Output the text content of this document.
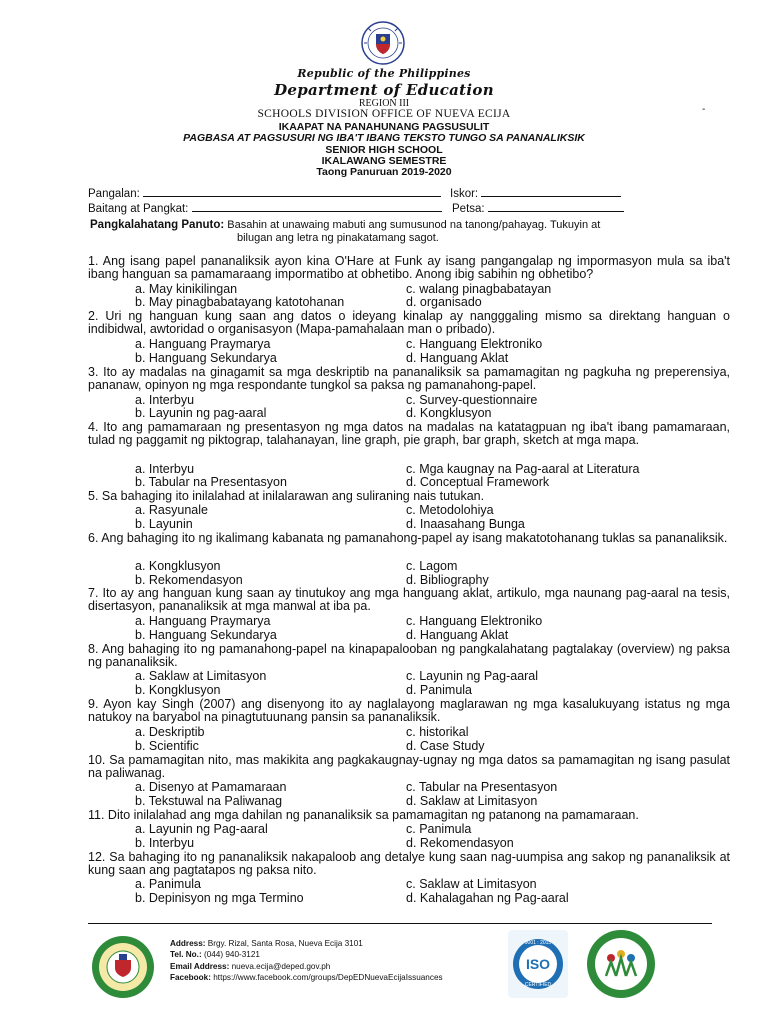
Republic of the Philippines
Department of Education
REGION III
SCHOOLS DIVISION OFFICE OF NUEVA ECIJA	-
IKAAPAT NA PANAHUNANG PAGSUSULIT
PAGBASA AT PAGSUSURI NG IBA'T IBANG TEKSTO TUNGO SA PANANALIKSIK
SENIOR HIGH SCHOOL
IKALAWANG SEMESTRE
Taong Panuruan 2019-2020
Pangalan:	Iskor:
Baitang at Pangkat:	Petsa:
Pangkalahatang Panuto: Basahin at unawaing mabuti ang sumusunod na tanong/pahayag. Tukuyin at
bilugan ang letra ng pinakatamang sagot.
1. Ang isang papel pananaliksik ayon kina O'Hare at Funk ay isang pangangalap ng impormasyon mula sa iba't ibang hanguan sa pamamaraang impormatibo at obhetibo. Anong ibig sabihin ng obhetibo?
a. May kinikilingan	c. walang pinagbabatayan
b. May pinagbabatayang katotohanan	d. organisado
2. Uri ng hanguan kung saan ang datos o ideyang kinalap ay nangggaling mismo sa direktang hanguan o indibidwal, awtoridad o organisasyon (Mapa-pamahalaan man o pribado).
a. Hanguang Praymarya	c. Hanguang Elektroniko
b. Hanguang Sekundarya	d. Hanguang Aklat
3. Ito ay madalas na ginagamit sa mga deskriptib na pananaliksik sa pamamagitan ng pagkuha ng preperensiya, pananaw, opinyon ng mga respondante tungkol sa paksa ng pamanahong-papel.
a. Interbyu	c. Survey-questionnaire
b. Layunin ng pag-aaral	d. Kongklusyon
4. Ito ang pamamaraan ng presentasyon ng mga datos na madalas na katatagpuan ng iba't ibang pamamaraan, tulad ng paggamit ng piktograp, talahanayan, line graph, pie graph, bar graph, sketch at mga mapa.
a. Interbyu	c. Mga kaugnay na Pag-aaral at Literatura
b. Tabular na Presentasyon	d. Conceptual Framework
5. Sa bahaging ito inilalahad at inilalarawan ang suliraning nais tutukan.
a. Rasyunale	c. Metodolohiya
b. Layunin	d. Inaasahang Bunga
6. Ang bahaging ito ng ikalimang kabanata ng pamanahong-papel ay isang makatotohanang tuklas sa pananaliksik.
a. Kongklusyon	c. Lagom
b. Rekomendasyon	d. Bibliography
7. Ito ay ang hanguan kung saan ay tinutukoy ang mga hanguang aklat, artikulo, mga naunang pag-aaral na tesis, disertasyon, pananaliksik at mga manwal at iba pa.
a. Hanguang Praymarya	c. Hanguang Elektroniko
b. Hanguang Sekundarya	d. Hanguang Aklat
8. Ang bahaging ito ng pamanahong-papel na kinapapalooban ng pangkalahatang pagtalakay (overview) ng paksa ng pananaliksik.
a. Saklaw at Limitasyon	c. Layunin ng Pag-aaral
b. Kongklusyon	d. Panimula
9. Ayon kay Singh (2007) ang disenyong ito ay naglalayong maglarawan ng mga kasalukuyang istatus ng mga natukoy na baryabol na pinagtutuunang pansin sa pananaliksik.
a. Deskriptib	c. historikal
b. Scientific	d. Case Study
10. Sa pamamagitan nito, mas makikita ang pagkakaugnay-ugnay ng mga datos sa pamamagitan ng isang pasulat na paliwanag.
a. Disenyo at Pamamaraan	c. Tabular na Presentasyon
b. Tekstuwal na Paliwanag	d. Saklaw at Limitasyon
11. Dito inilalahad ang mga dahilan ng pananaliksik sa pamamagitan ng patanong na pamamaraan.
a. Layunin ng Pag-aaral	c. Panimula
b. Interbyu	d. Rekomendasyon
12. Sa bahaging ito ng pananaliksik nakapaloob ang detalye kung saan nag-uumpisa ang sakop ng pananaliksik at kung saan ang pagtatapos ng paksa nito.
a. Panimula	c. Saklaw at Limitasyon
b. Depinisyon ng mga Termino	d. Kahalagahan ng Pag-aaral
Address: Brgy. Rizal, Santa Rosa, Nueva Ecija 3101
Tel. No.: (044) 940-3121
Email Address: nueva.ecija@deped.gov.ph
Facebook: https://www.facebook.com/groups/DepEDNuevaEcijaIssuances
ISO
9001 : 2015
CERTIFIED
